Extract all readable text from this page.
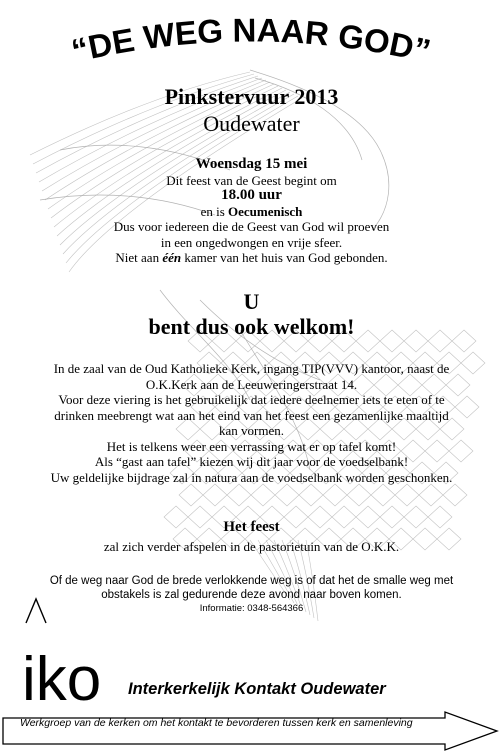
“DE WEG NAAR GOD”
Pinkstervuur 2013
Oudewater
Woensdag 15 mei
Dit feest van de Geest begint om
18.00 uur
en is Oecumenisch
Dus voor iedereen die de Geest van God wil proeven
in een ongedwongen en vrije sfeer.
Niet aan één kamer van het huis van God gebonden.
U
bent dus ook welkom!
In de zaal van de Oud Katholieke Kerk, ingang TIP(VVV) kantoor, naast de
O.K.Kerk aan de Leeuweringerstraat 14.
Voor deze viering is het gebruikelijk dat iedere deelnemer iets te eten of te
drinken meebrengt wat aan het eind van het feest een gezamenlijke maaltijd
kan vormen.
Het is telkens weer een verrassing wat er op tafel komt!
Als “gast aan tafel” kiezen wij dit jaar voor de voedselbank!
Uw geldelijke bijdrage zal in natura aan de voedselbank worden geschonken.
Het feest
zal zich verder afspelen in de pastorietuin van de O.K.K.
Of de weg naar God de brede verlokkende weg is of dat het de smalle weg met
obstakels is zal gedurende deze avond naar boven komen.
Informatie: 0348-564366
iko Interkerkelijk Kontakt Oudewater
Werkgroep van de kerken om het kontakt te bevorderen tussen kerk en samenleving
